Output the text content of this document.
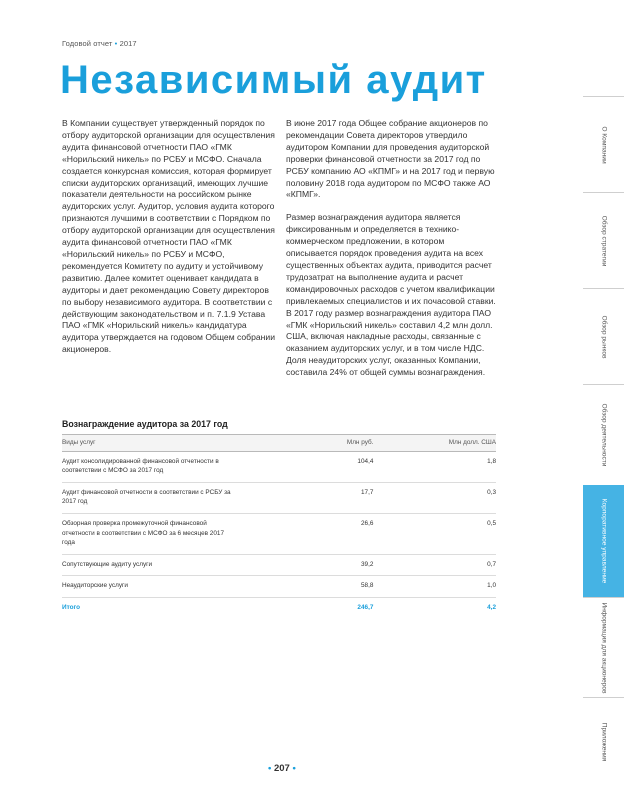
Годовой отчет • 2017
Независимый аудит

В Компании существует утвержденный порядок по отбору аудиторской организации для осуществления аудита финансовой отчетности ПАО «ГМК «Норильский никель» по РСБУ и МСФО. Сначала создается конкурсная комиссия, которая формирует списки аудиторских организаций, имеющих лучшие показатели деятельности на российском рынке аудиторских услуг. Аудитор, условия аудита которого признаются лучшими в соответствии с Порядком по отбору аудиторской организации для осуществления аудита финансовой отчетности ПАО «ГМК «Норильский никель» по РСБУ и МСФО, рекомендуется Комитету по аудиту и устойчивому развитию. Далее комитет оценивает кандидата в аудиторы и дает рекомендацию Совету директоров по выбору независимого аудитора. В соответствии с действующим законодательством и п. 7.1.9 Устава ПАО «ГМК «Норильский никель» кандидатура аудитора утверждается на годовом Общем собрании акционеров.

В июне 2017 года Общее собрание акционеров по рекомендации Совета директоров утвердило аудитором Компании для проведения аудиторской проверки финансовой отчетности за 2017 год по РСБУ компанию АО «КПМГ» и на 2017 год и первую половину 2018 года аудитором по МСФО также АО «КПМГ».

Размер вознаграждения аудитора является фиксированным и определяется в технико-коммерческом предложении, в котором описывается порядок проведения аудита на всех существенных объектах аудита, приводится расчет трудозатрат на выполнение аудита и расчет командировочных расходов с учетом квалификации привлекаемых специалистов и их почасовой ставки. В 2017 году размер вознаграждения аудитора ПАО «ГМК «Норильский никель» составил 4,2 млн долл. США, включая накладные расходы, связанные с оказанием аудиторских услуг, и в том числе НДС. Доля неаудиторских услуг, оказанных Компании, составила 24% от общей суммы вознаграждения.

Вознаграждение аудитора за 2017 год
Виды услуг	Млн руб.	Млн долл. США
Аудит консолидированной финансовой отчетности в соответствии с МСФО за 2017 год	104,4	1,8
Аудит финансовой отчетности в соответствии с РСБУ за 2017 год	17,7	0,3
Обзорная проверка промежуточной финансовой отчетности в соответствии с МСФО за 6 месяцев 2017 года	26,6	0,5
Сопутствующие аудиту услуги	39,2	0,7
Неаудиторские услуги	58,8	1,0
Итого	246,7	4,2
• 207 •
О Компании
Обзор стратегии
Обзор рынков
Обзор деятельности
Корпоративное управление
Информация для акционеров
Приложения
